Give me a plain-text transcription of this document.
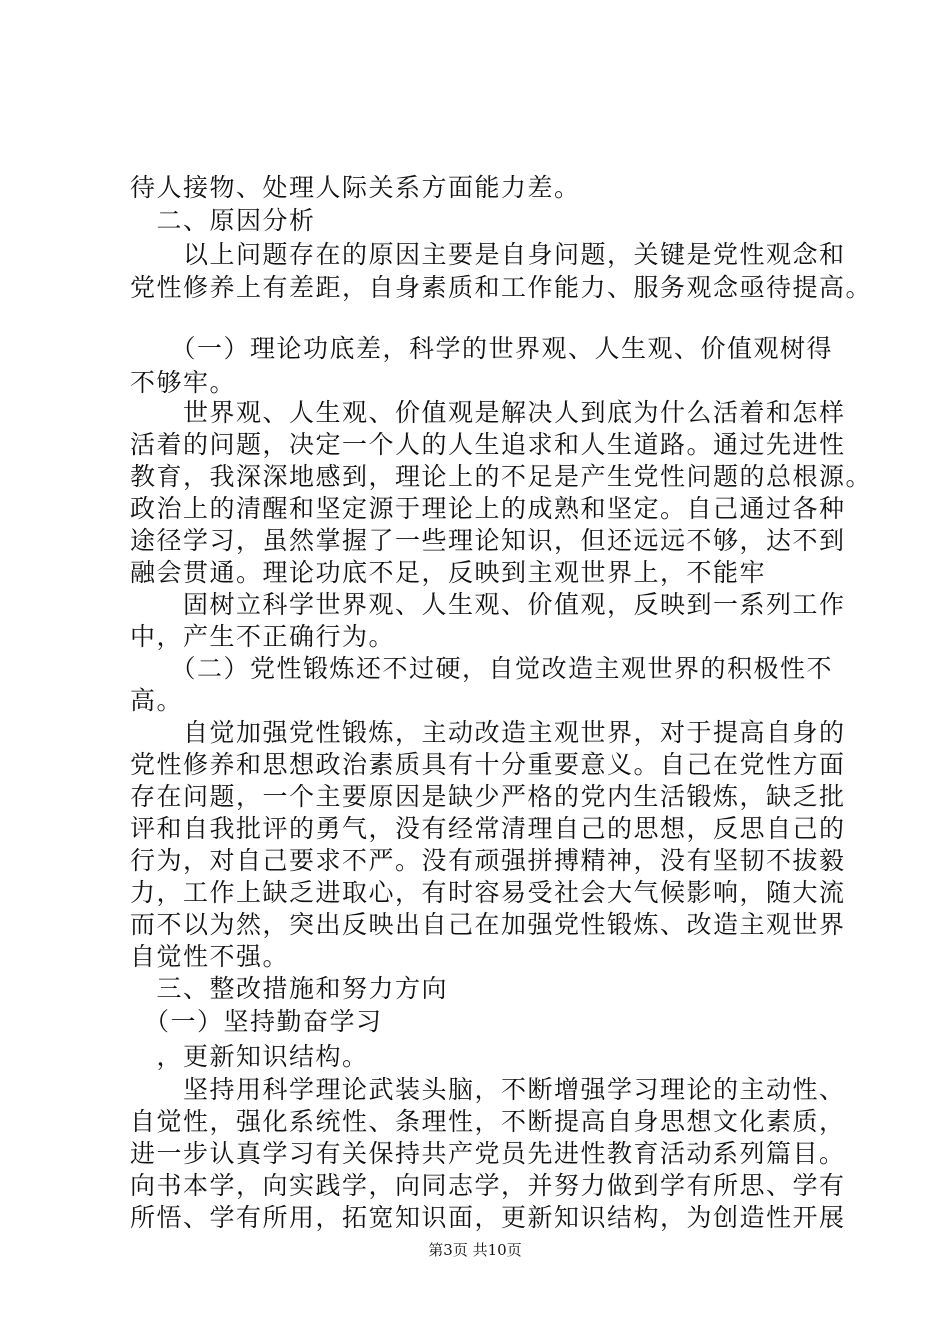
待人接物、处理人际关系方面能力差。
　二、原因分析
　　以上问题存在的原因主要是自身问题，关键是党性观念和
党性修养上有差距，自身素质和工作能力、服务观念亟待提高。
　　（一）理论功底差，科学的世界观、人生观、价值观树得
不够牢。
　　世界观、人生观、价值观是解决人到底为什么活着和怎样
活着的问题，决定一个人的人生追求和人生道路。通过先进性
教育，我深深地感到，理论上的不足是产生党性问题的总根源。
政治上的清醒和坚定源于理论上的成熟和坚定。自己通过各种
途径学习，虽然掌握了一些理论知识，但还远远不够，达不到
融会贯通。理论功底不足，反映到主观世界上，不能牢
　　固树立科学世界观、人生观、价值观，反映到一系列工作
中，产生不正确行为。
　　（二）党性锻炼还不过硬，自觉改造主观世界的积极性不
高。
　　自觉加强党性锻炼，主动改造主观世界，对于提高自身的
党性修养和思想政治素质具有十分重要意义。自己在党性方面
存在问题，一个主要原因是缺少严格的党内生活锻炼，缺乏批
评和自我批评的勇气，没有经常清理自己的思想，反思自己的
行为，对自己要求不严。没有顽强拼搏精神，没有坚韧不拔毅
力，工作上缺乏进取心，有时容易受社会大气候影响，随大流
而不以为然，突出反映出自己在加强党性锻炼、改造主观世界
自觉性不强。
　三、整改措施和努力方向
　（一）坚持勤奋学习
　，更新知识结构。
　　坚持用科学理论武装头脑，不断增强学习理论的主动性、
自觉性，强化系统性、条理性，不断提高自身思想文化素质，
进一步认真学习有关保持共产党员先进性教育活动系列篇目。
向书本学，向实践学，向同志学，并努力做到学有所思、学有
所悟、学有所用，拓宽知识面，更新知识结构，为创造性开展
第3页 共10页
